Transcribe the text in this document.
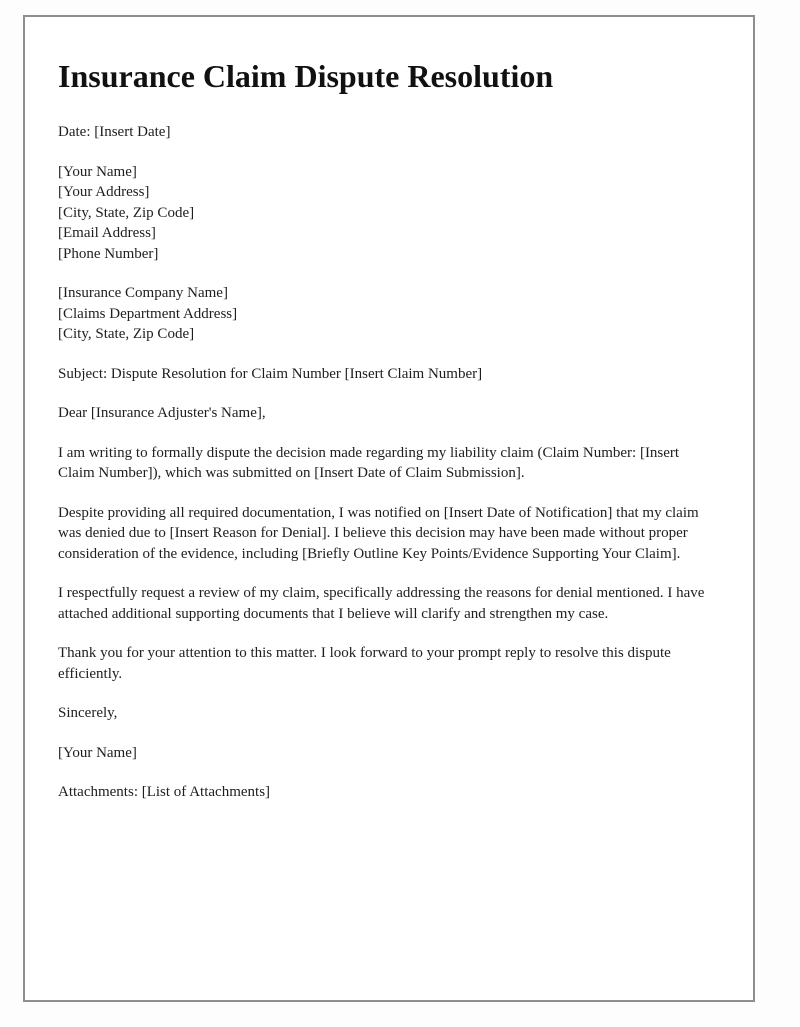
Insurance Claim Dispute Resolution

Date: [Insert Date]

[Your Name]

[Your Address]

[City, State, Zip Code]

[Email Address]

[Phone Number]

[Insurance Company Name]

[Claims Department Address]

[City, State, Zip Code]

Subject: Dispute Resolution for Claim Number [Insert Claim Number]

Dear [Insurance Adjuster's Name],

I am writing to formally dispute the decision made regarding my liability claim (Claim Number: [Insert Claim Number]), which was submitted on [Insert Date of Claim Submission].

Despite providing all required documentation, I was notified on [Insert Date of Notification] that my claim was denied due to [Insert Reason for Denial]. I believe this decision may have been made without proper consideration of the evidence, including [Briefly Outline Key Points/Evidence Supporting Your Claim].

I respectfully request a review of my claim, specifically addressing the reasons for denial mentioned. I have attached additional supporting documents that I believe will clarify and strengthen my case.

Thank you for your attention to this matter. I look forward to your prompt reply to resolve this dispute efficiently.

Sincerely,

[Your Name]

Attachments: [List of Attachments]
